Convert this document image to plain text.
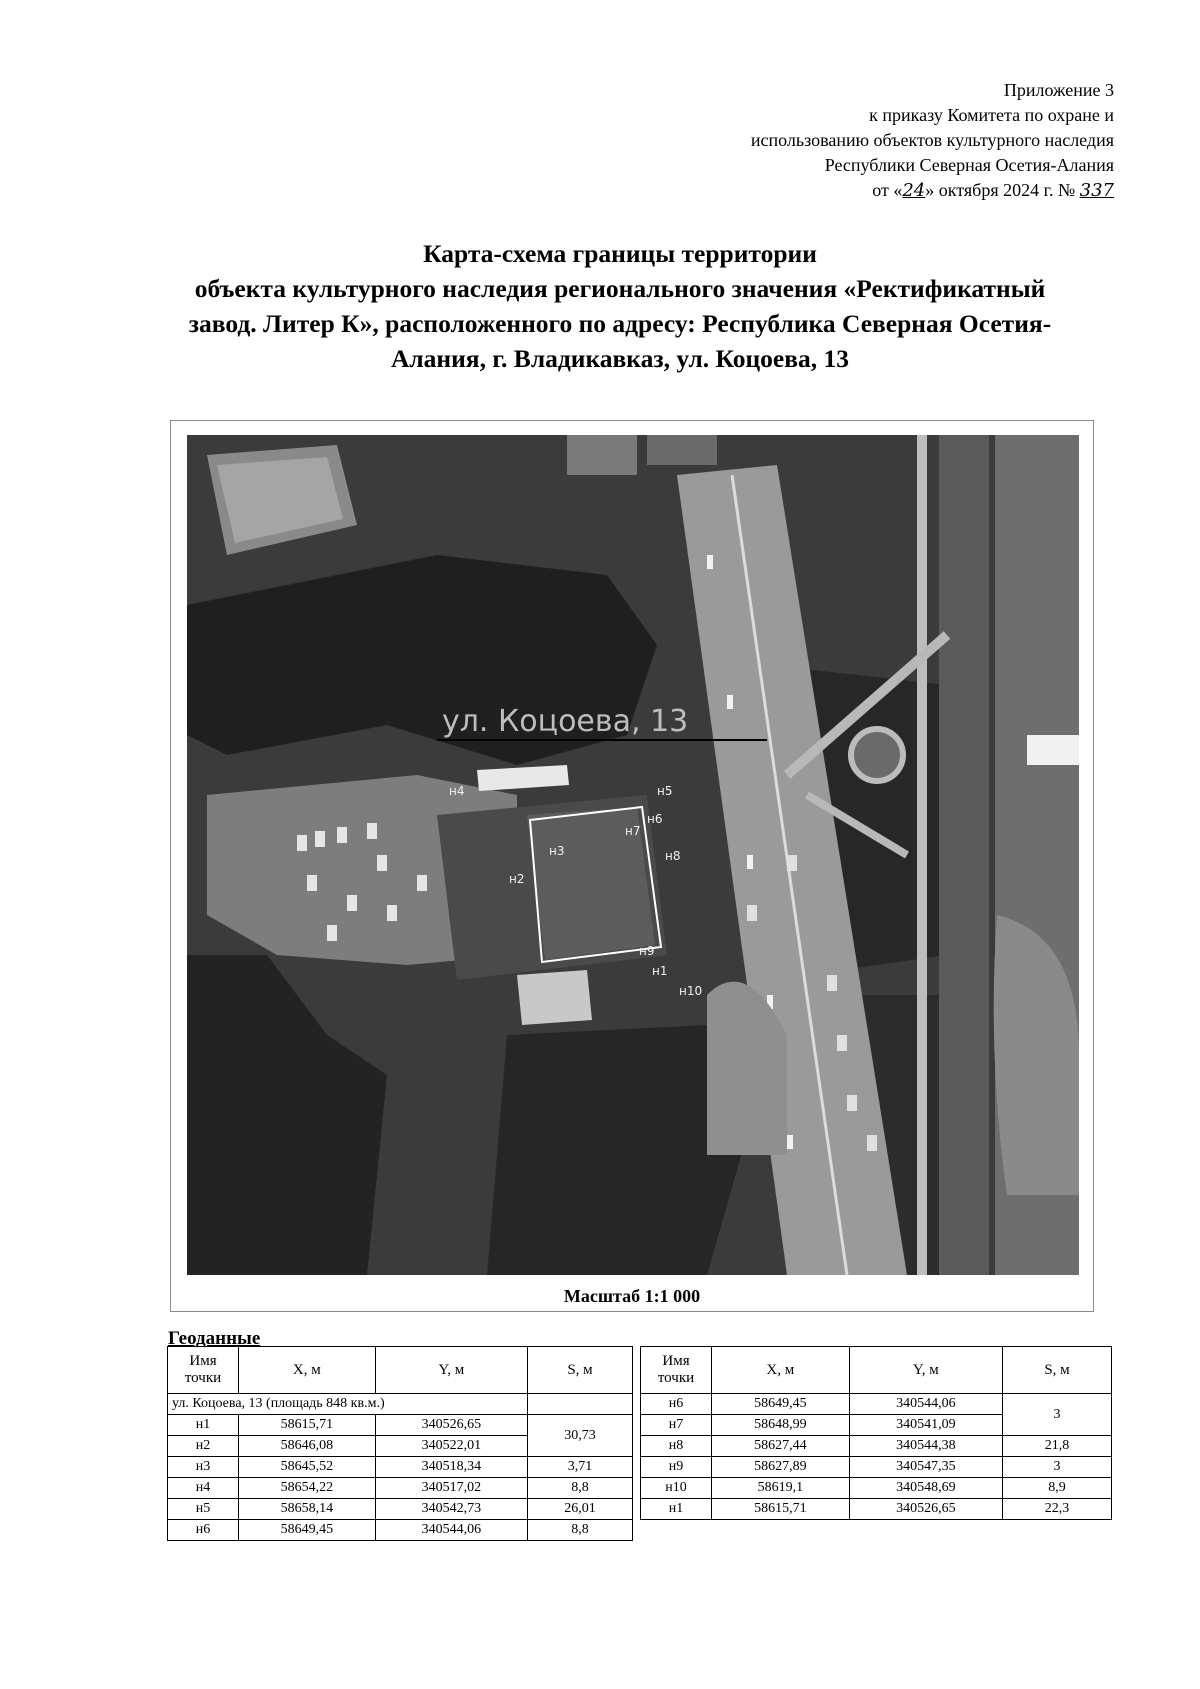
Приложение 3
к приказу Комитета по охране и
использованию объектов культурного наследия
Республики Северная Осетия-Алания
от «24» октября 2024 г. № 337
Карта-схема границы территории
объекта культурного наследия регионального значения «Ректификатный
завод. Литер К», расположенного по адресу: Республика Северная Осетия-
Алания, г. Владикавказ, ул. Коцоева, 13
ул. Коцоева, 13
н1
н2
н3
н4	н5
н6
н7
н8
н9
н10
Масштаб 1:1 000
Геоданные
Имя точки	X, м	Y, м	S, м
ул. Коцоева, 13 (площадь 848 кв.м.)			
н1	58615,71	340526,65	30,73
н2	58646,08	340522,01	
н3	58645,52	340518,34	3,71
н4	58654,22	340517,02	8,8
н5	58658,14	340542,73	26,01
н6	58649,45	340544,06	8,8
Имя точки	X, м	Y, м	S, м
н6	58649,45	340544,06	3
н7	58648,99	340541,09	
н8	58627,44	340544,38	21,8
н9	58627,89	340547,35	3
н10	58619,1	340548,69	8,9
н1	58615,71	340526,65	22,3
